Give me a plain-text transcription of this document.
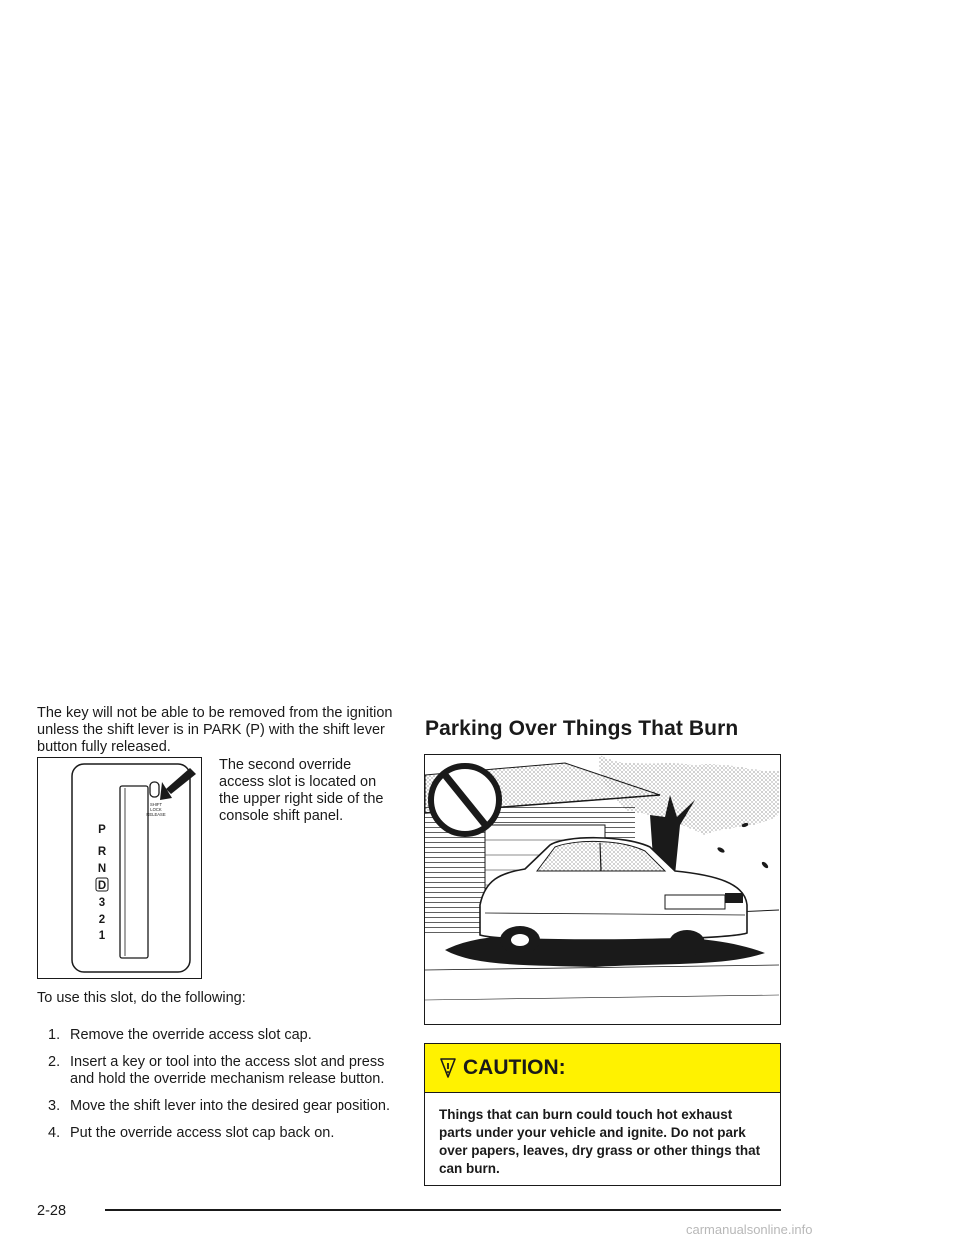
The key will not be able to be removed from the ignition unless the shift lever is in PARK (P) with the shift lever button fully released.

P
R
N
D
3
2
1
SHIFT
LOCK
RELEASE

The second override access slot is located on the upper right side of the console shift panel.

To use this slot, do the following:

1. Remove the override access slot cap.
2. Insert a key or tool into the access slot and press and hold the override mechanism release button.
3. Move the shift lever into the desired gear position.
4. Put the override access slot cap back on.
Parking Over Things That Burn
CAUTION:

Things that can burn could touch hot exhaust parts under your vehicle and ignite. Do not park over papers, leaves, dry grass or other things that can burn.

2-28
carmanualsonline.info
